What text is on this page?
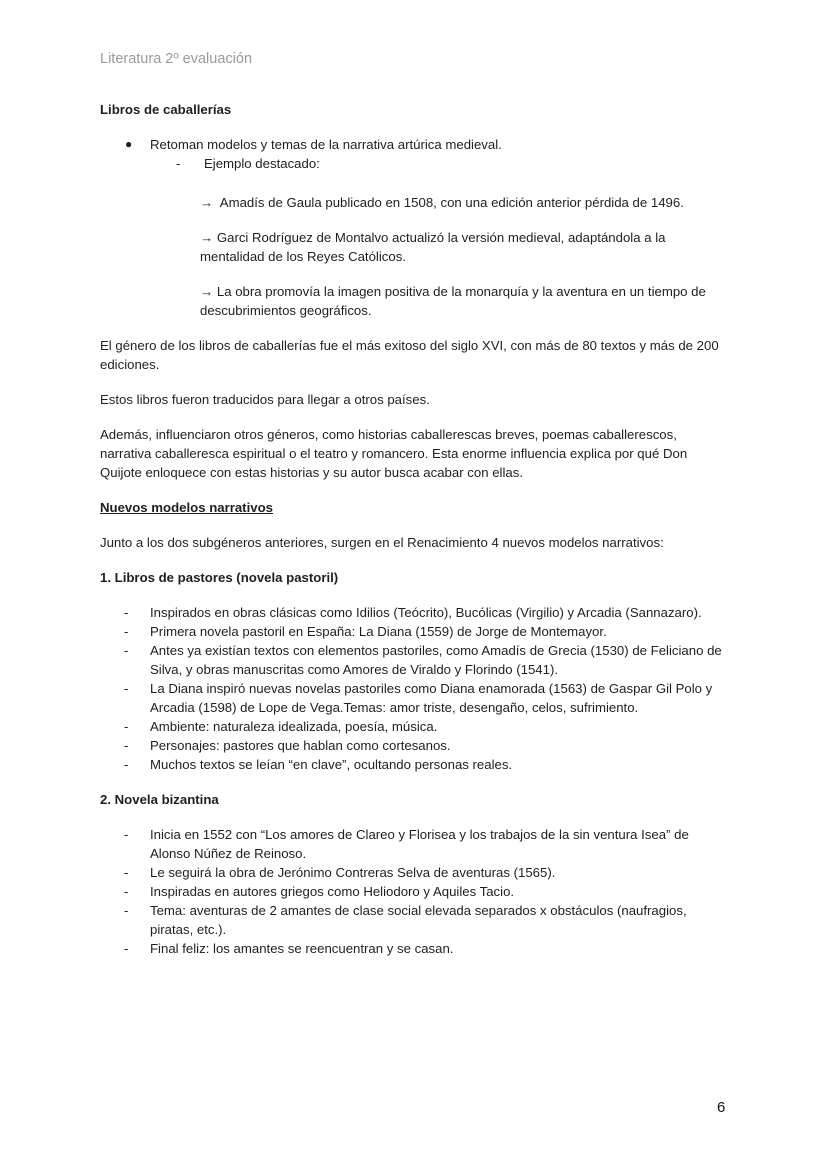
Literatura 2º evaluación

Libros de caballerías

● Retoman modelos y temas de la narrativa artúrica medieval.
- Ejemplo destacado:

→ Amadís de Gaula publicado en 1508, con una edición anterior pérdida de 1496.

→ Garci Rodríguez de Montalvo actualizó la versión medieval, adaptándola a la mentalidad de los Reyes Católicos.

→ La obra promovía la imagen positiva de la monarquía y la aventura en un tiempo de descubrimientos geográficos.

El género de los libros de caballerías fue el más exitoso del siglo XVI, con más de 80 textos y más de 200 ediciones.

Estos libros fueron traducidos para llegar a otros países.

Además, influenciaron otros géneros, como historias caballerescas breves, poemas caballerescos, narrativa caballeresca espiritual o el teatro y romancero. Esta enorme influencia explica por qué Don Quijote enloquece con estas historias y su autor busca acabar con ellas.

Nuevos modelos narrativos

Junto a los dos subgéneros anteriores, surgen en el Renacimiento 4 nuevos modelos narrativos:

1. Libros de pastores (novela pastoril)

- Inspirados en obras clásicas como Idilios (Teócrito), Bucólicas (Virgilio) y Arcadia (Sannazaro).
- Primera novela pastoril en España: La Diana (1559) de Jorge de Montemayor.
- Antes ya existían textos con elementos pastoriles, como Amadís de Grecia (1530) de Feliciano de Silva, y obras manuscritas como Amores de Viraldo y Florindo (1541).
- La Diana inspiró nuevas novelas pastoriles como Diana enamorada (1563) de Gaspar Gil Polo y Arcadia (1598) de Lope de Vega.Temas: amor triste, desengaño, celos, sufrimiento.
- Ambiente: naturaleza idealizada, poesía, música.
- Personajes: pastores que hablan como cortesanos.
- Muchos textos se leían “en clave”, ocultando personas reales.

2. Novela bizantina

- Inicia en 1552 con “Los amores de Clareo y Florisea y los trabajos de la sin ventura Isea” de Alonso Núñez de Reinoso.
- Le seguirá la obra de Jerónimo Contreras Selva de aventuras (1565).
- Inspiradas en autores griegos como Heliodoro y Aquiles Tacio.
- Tema: aventuras de 2 amantes de clase social elevada separados x obstáculos (naufragios, piratas, etc.).
- Final feliz: los amantes se reencuentran y se casan.
6
